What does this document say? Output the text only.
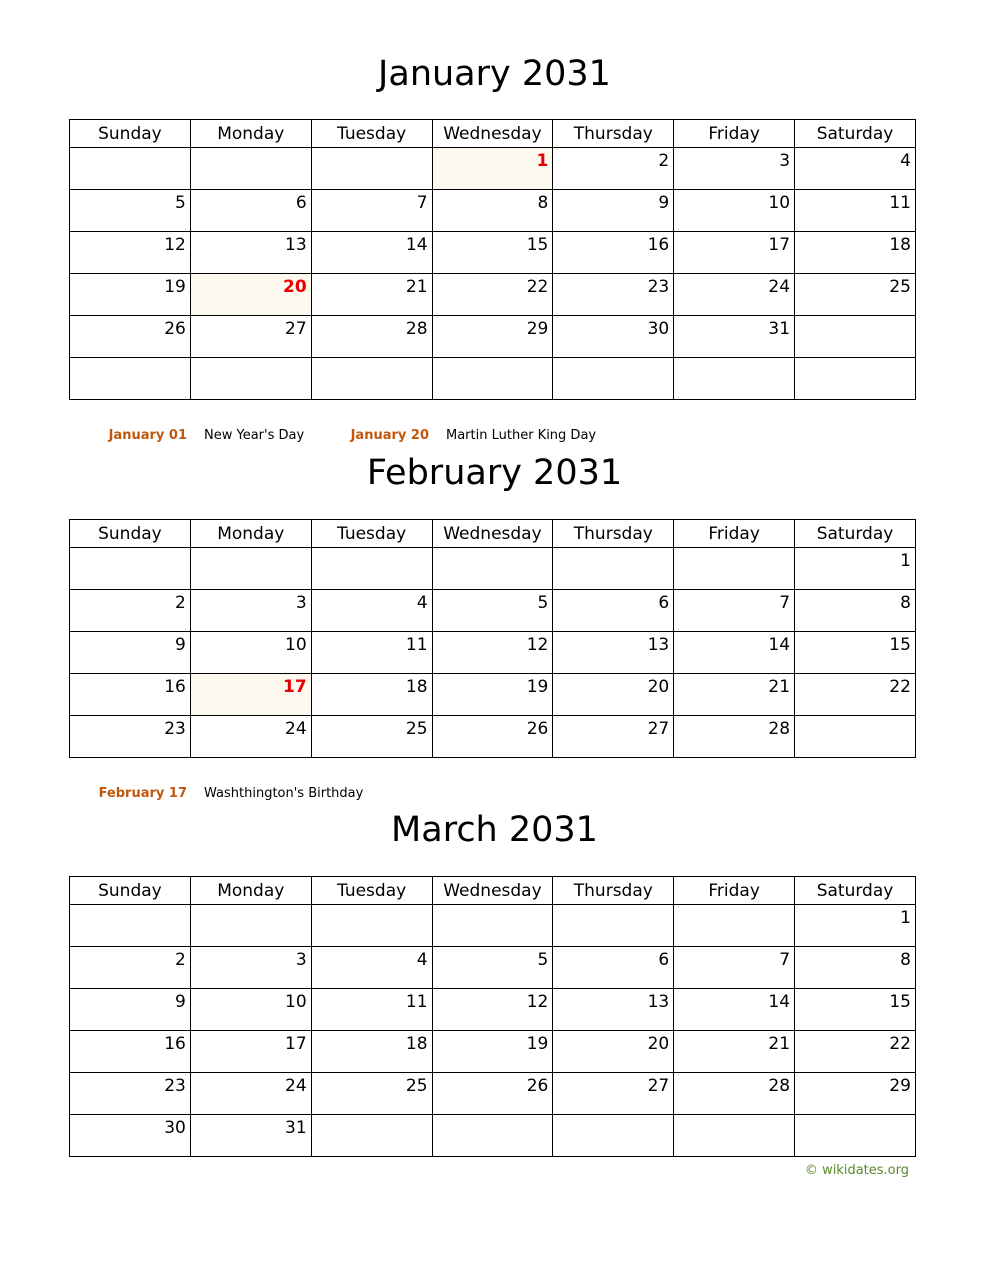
January 2031
Sunday	Monday	Tuesday	Wednesday	Thursday	Friday	Saturday
			1	2	3	4
5	6	7	8	9	10	11
12	13	14	15	16	17	18
19	20	21	22	23	24	25
26	27	28	29	30	31	

January 01 New Year's Day	January 20 Martin Luther King Day
February 2031
Sunday	Monday	Tuesday	Wednesday	Thursday	Friday	Saturday
						1
2	3	4	5	6	7	8
9	10	11	12	13	14	15
16	17	18	19	20	21	22
23	24	25	26	27	28	
February 17 Washthington's Birthday
March 2031
Sunday	Monday	Tuesday	Wednesday	Thursday	Friday	Saturday
						1
2	3	4	5	6	7	8
9	10	11	12	13	14	15
16	17	18	19	20	21	22
23	24	25	26	27	28	29
30	31					
© wikidates.org
